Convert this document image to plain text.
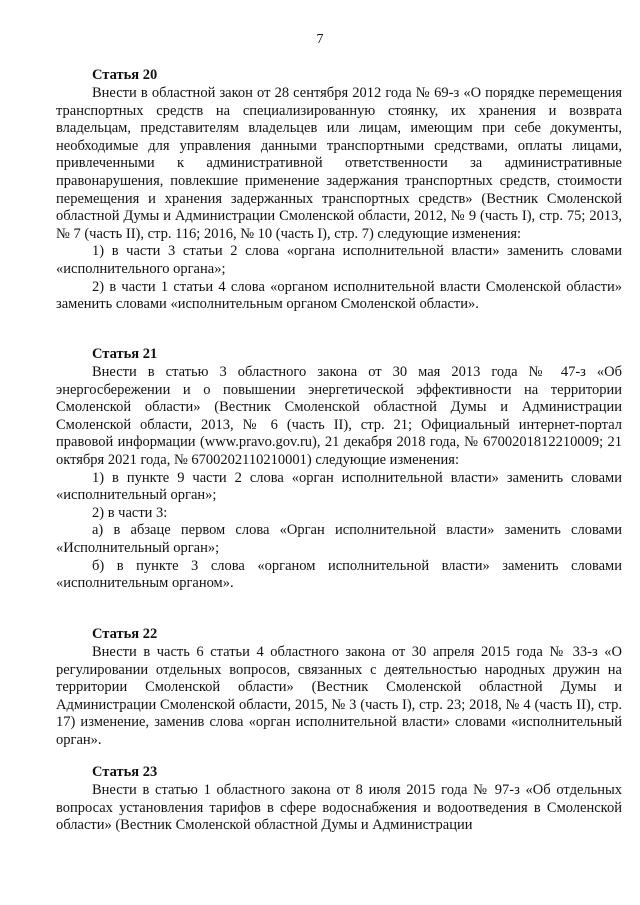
7
Статья 20

Внести в областной закон от 28 сентября 2012 года № 69-з «О порядке перемещения транспортных средств на специализированную стоянку, их хранения и возврата владельцам, представителям владельцев или лицам, имеющим при себе документы, необходимые для управления данными транспортными средствами, оплаты лицами, привлеченными к административной ответственности за административные правонарушения, повлекшие применение задержания транспортных средств, стоимости перемещения и хранения задержанных транспортных средств» (Вестник Смоленской областной Думы и Администрации Смоленской области, 2012, № 9 (часть I), стр. 75; 2013, № 7 (часть II), стр. 116; 2016, № 10 (часть I), стр. 7) следующие изменения:

1) в части 3 статьи 2 слова «органа исполнительной власти» заменить словами «исполнительного органа»;

2) в части 1 статьи 4 слова «органом исполнительной власти Смоленской области» заменить словами «исполнительным органом Смоленской области».

Статья 21

Внести в статью 3 областного закона от 30 мая 2013 года № 47-з «Об энергосбережении и о повышении энергетической эффективности на территории Смоленской области» (Вестник Смоленской областной Думы и Администрации Смоленской области, 2013, № 6 (часть II), стр. 21; Официальный интернет-портал правовой информации (www.pravo.gov.ru), 21 декабря 2018 года, № 6700201812210009; 21 октября 2021 года, № 6700202110210001) следующие изменения:

1) в пункте 9 части 2 слова «орган исполнительной власти» заменить словами «исполнительный орган»;

2) в части 3:

а) в абзаце первом слова «Орган исполнительной власти» заменить словами «Исполнительный орган»;

б) в пункте 3 слова «органом исполнительной власти» заменить словами «исполнительным органом».

Статья 22

Внести в часть 6 статьи 4 областного закона от 30 апреля 2015 года № 33-з «О регулировании отдельных вопросов, связанных с деятельностью народных дружин на территории Смоленской области» (Вестник Смоленской областной Думы и Администрации Смоленской области, 2015, № 3 (часть I), стр. 23; 2018, № 4 (часть II), стр. 17) изменение, заменив слова «орган исполнительной власти» словами «исполнительный орган».

Статья 23

Внести в статью 1 областного закона от 8 июля 2015 года № 97-з «Об отдельных вопросах установления тарифов в сфере водоснабжения и водоотведения в Смоленской области» (Вестник Смоленской областной Думы и Администрации
